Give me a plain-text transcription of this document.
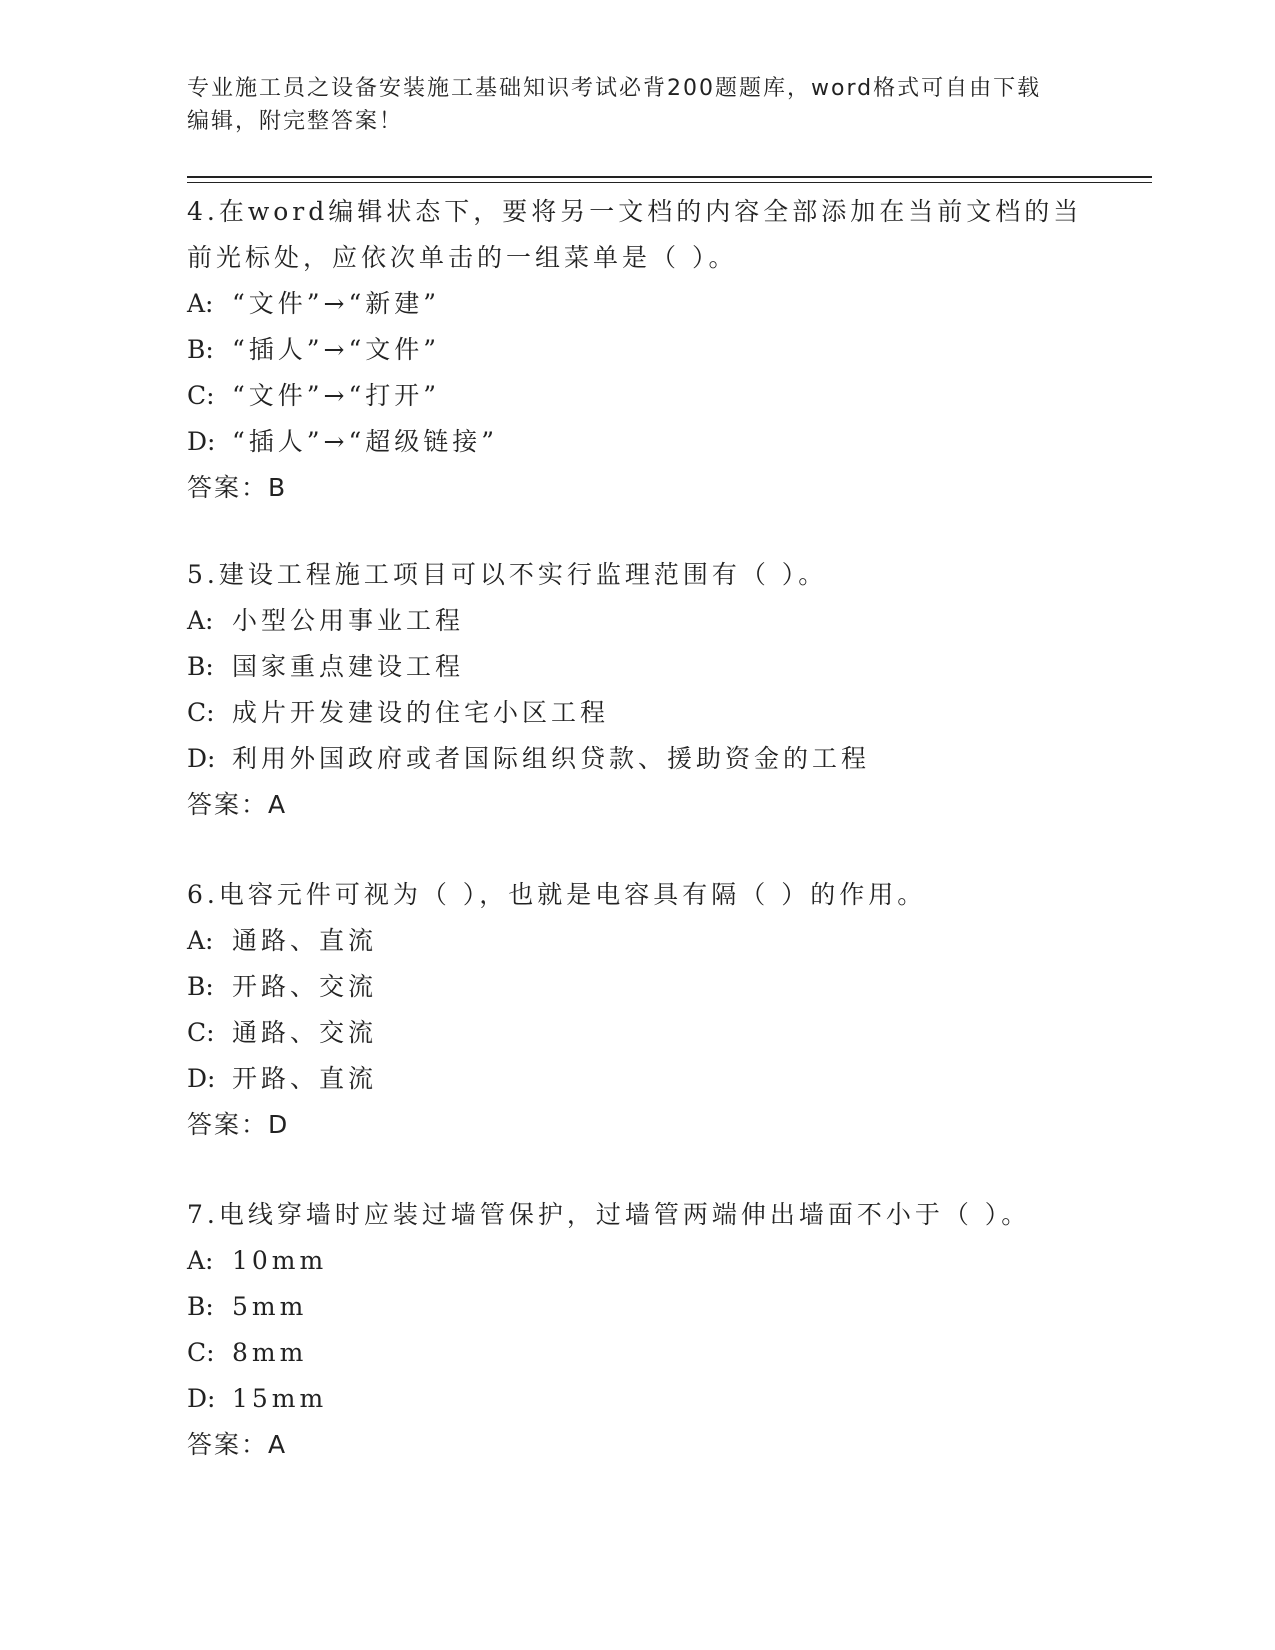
专业施工员之设备安装施工基础知识考试必背200题题库，word格式可自由下载
编辑，附完整答案！

4.在word编辑状态下，要将另一文档的内容全部添加在当前文档的当

前光标处，应依次单击的一组菜单是（ ）。

A: “文件”→“新建”

B: “插人”→“文件”

C: “文件”→“打开”

D: “插人”→“超级链接”

答案：B

5.建设工程施工项目可以不实行监理范围有（ ）。

A: 小型公用事业工程

B: 国家重点建设工程

C: 成片开发建设的住宅小区工程

D: 利用外国政府或者国际组织贷款、援助资金的工程

答案：A

6.电容元件可视为（ ），也就是电容具有隔（ ）的作用。

A: 通路、直流

B: 开路、交流

C: 通路、交流

D: 开路、直流

答案：D

7.电线穿墙时应装过墙管保护，过墙管两端伸出墙面不小于（ ）。

A: 10mm

B: 5mm

C: 8mm

D: 15mm

答案：A
